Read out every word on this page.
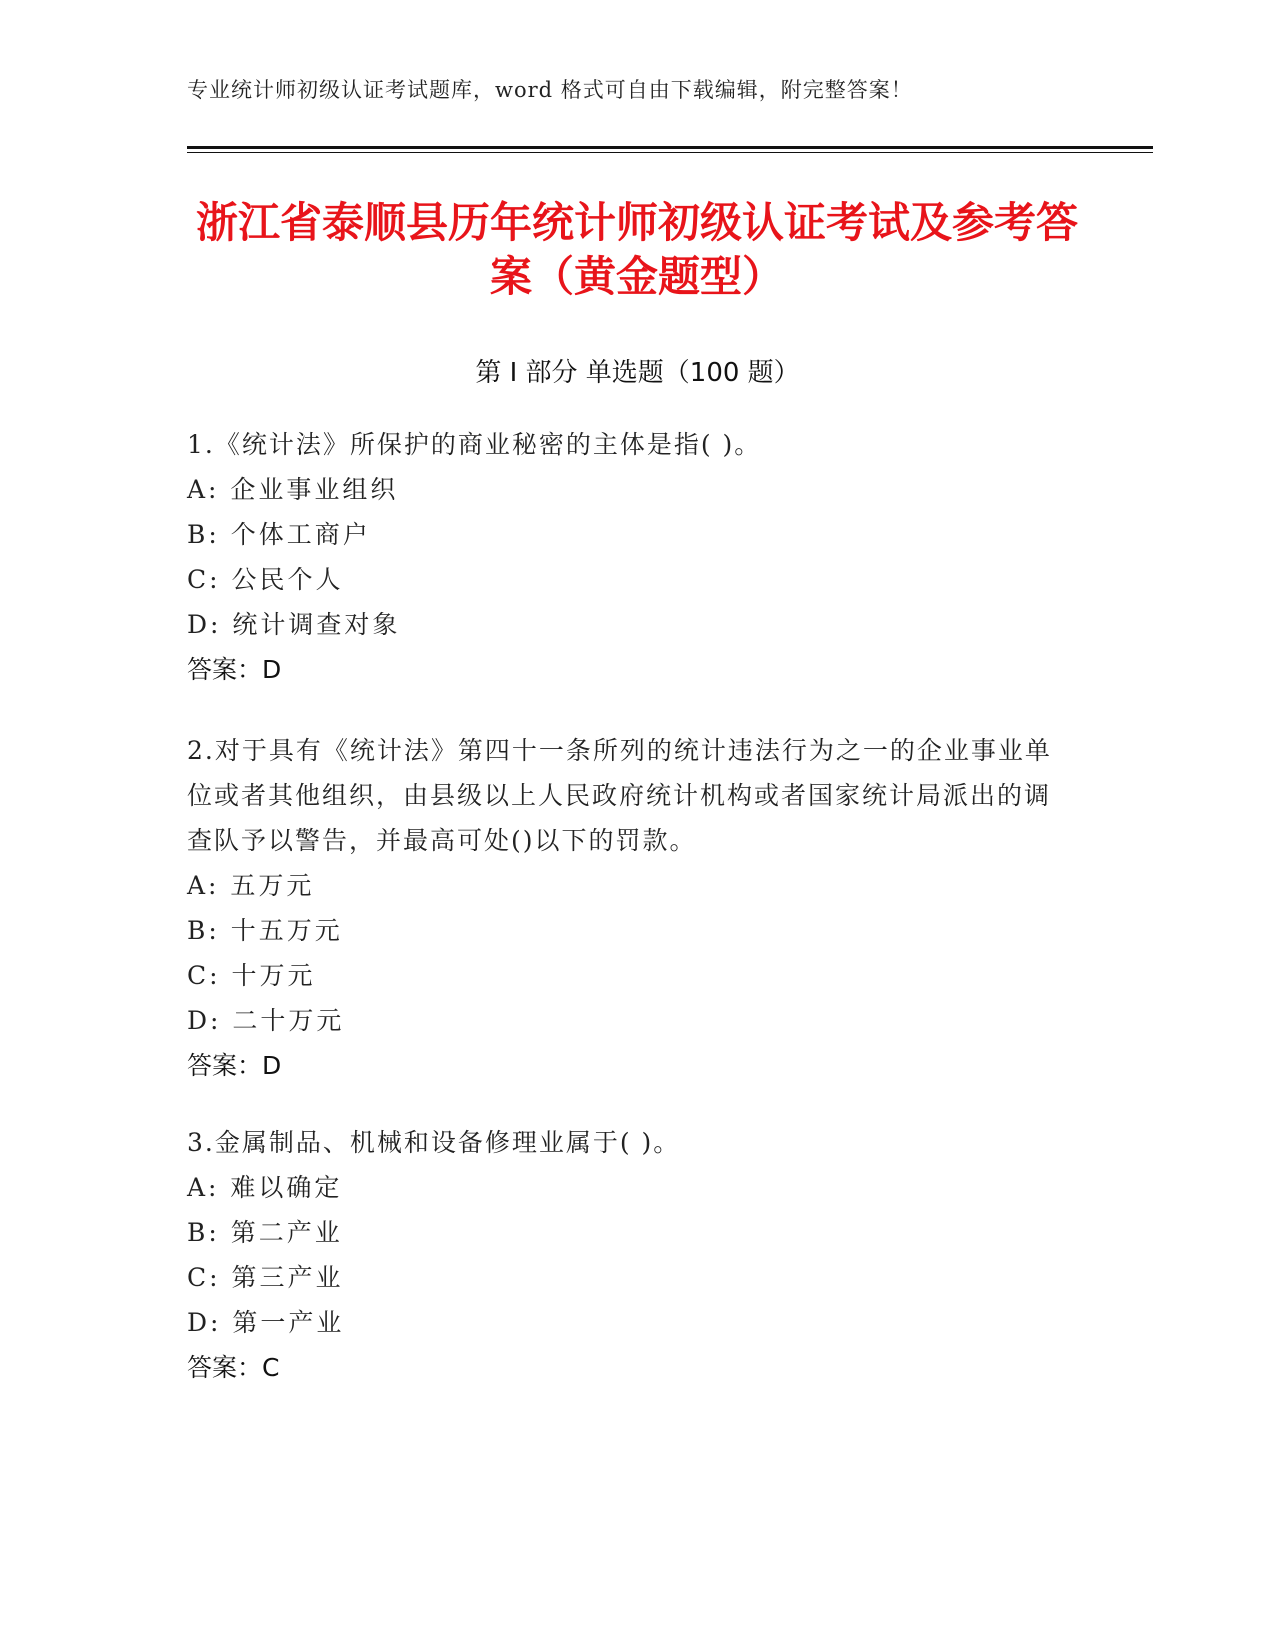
专业统计师初级认证考试题库，word 格式可自由下载编辑，附完整答案！
浙江省泰顺县历年统计师初级认证考试及参考答案（黄金题型）
第 I 部分 单选题（100 题）
1.《统计法》所保护的商业秘密的主体是指( )。
A: 企业事业组织
B: 个体工商户
C: 公民个人
D: 统计调查对象
答案：D
2.对于具有《统计法》第四十一条所列的统计违法行为之一的企业事业单位或者其他组织，由县级以上人民政府统计机构或者国家统计局派出的调查队予以警告，并最高可处()以下的罚款。
A: 五万元
B: 十五万元
C: 十万元
D: 二十万元
答案：D
3.金属制品、机械和设备修理业属于( )。
A: 难以确定
B: 第二产业
C: 第三产业
D: 第一产业
答案：C
